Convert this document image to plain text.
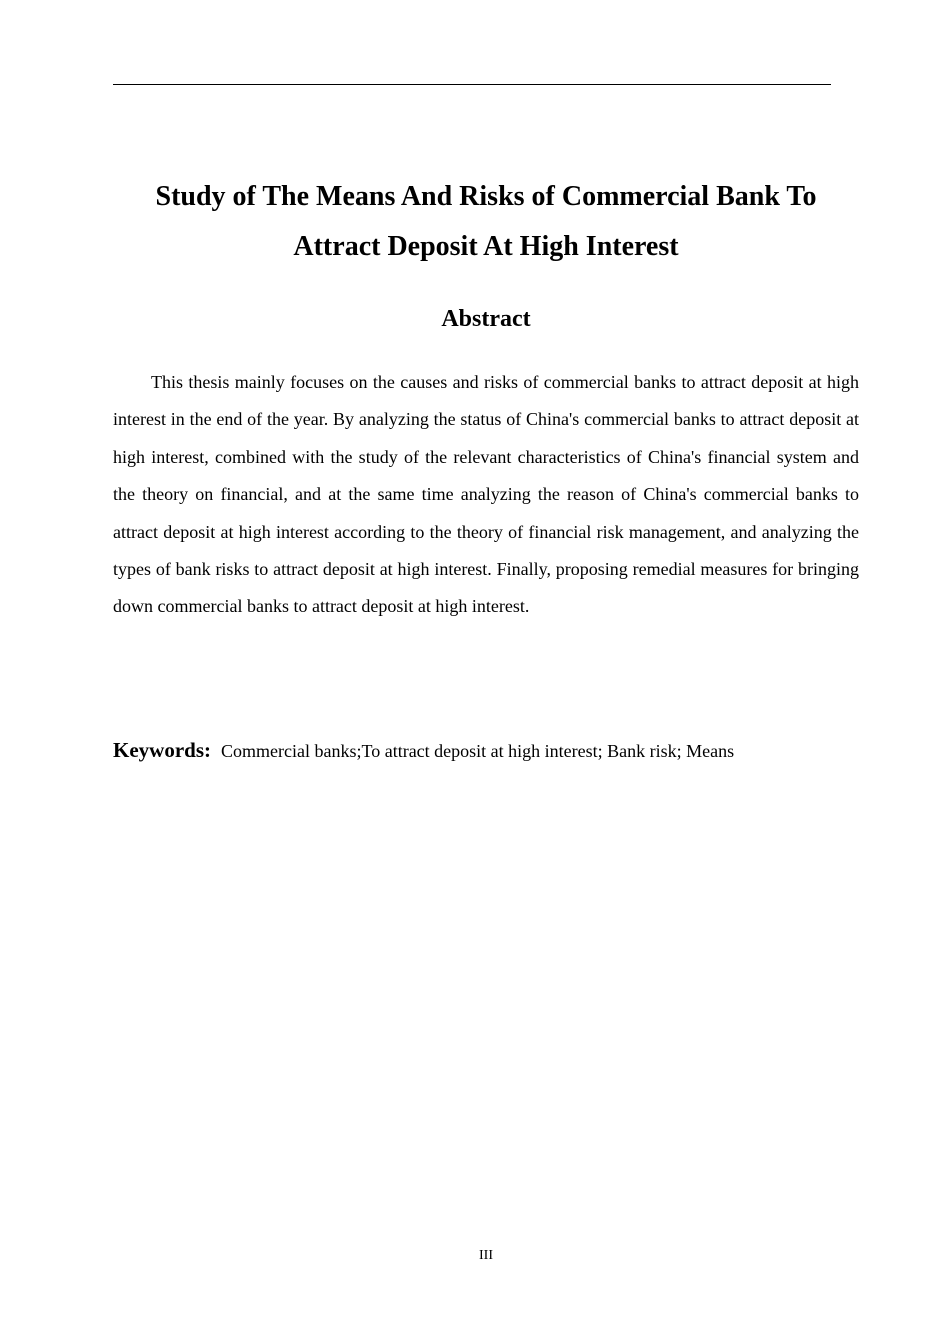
Study of The Means And Risks of Commercial Bank To
Attract Deposit At High Interest
Abstract

This thesis mainly focuses on the causes and risks of commercial banks to attract deposit at high interest in the end of the year. By analyzing the status of China's commercial banks to attract deposit at high interest, combined with the study of the relevant characteristics of China's financial system and the theory on financial, and at the same time analyzing the reason of China's commercial banks to attract deposit at high interest according to the theory of financial risk management, and analyzing the types of bank risks to attract deposit at high interest. Finally, proposing remedial measures for bringing down commercial banks to attract deposit at high interest.

Keywords: Commercial banks;To attract deposit at high interest; Bank risk; Means

III
